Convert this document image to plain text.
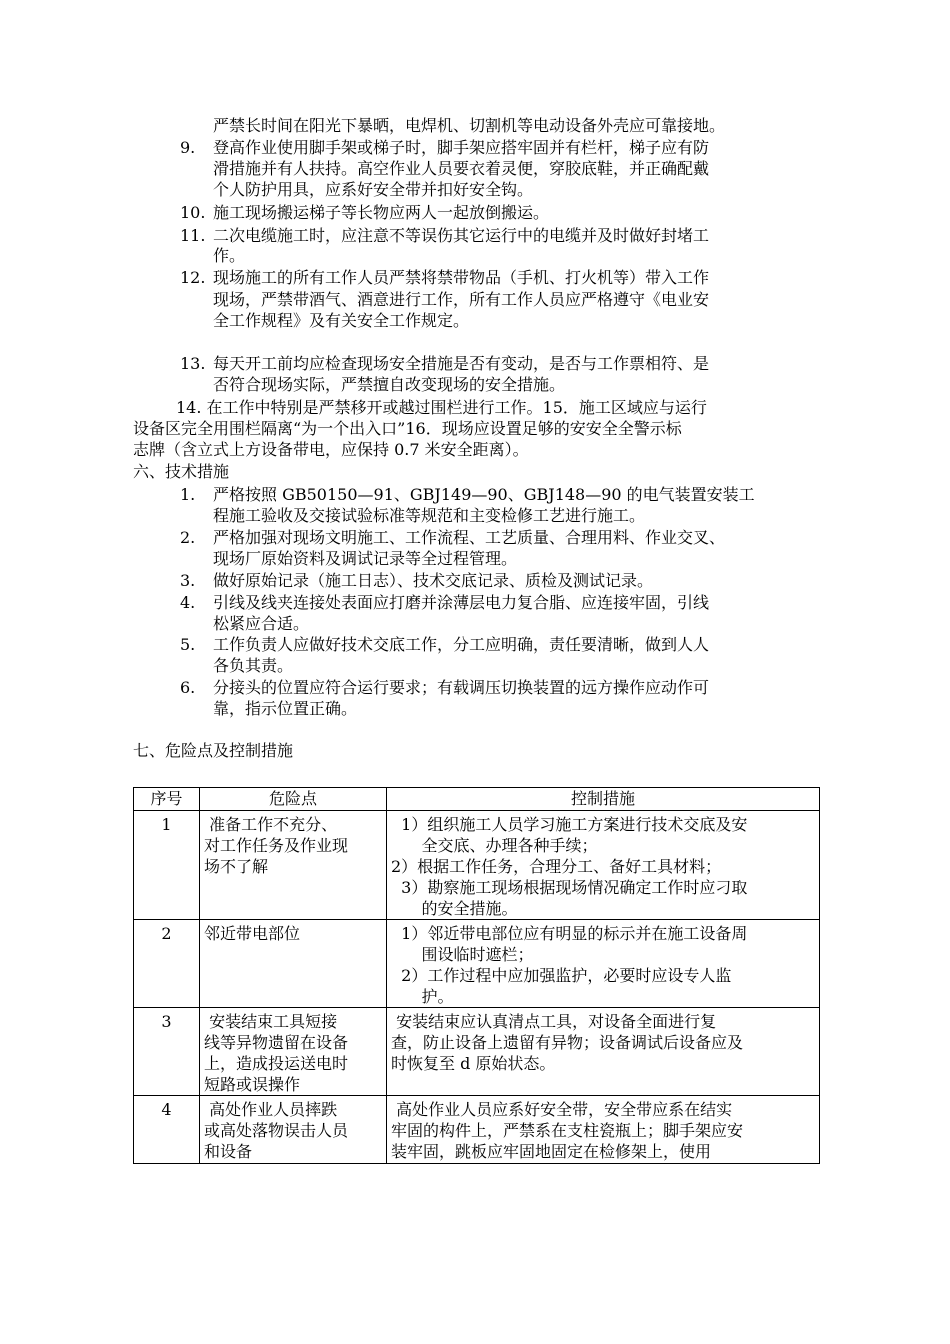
严禁长时间在阳光下暴晒，电焊机、切割机等电动设备外壳应可靠接地。
9. 登高作业使用脚手架或梯子时，脚手架应搭牢固并有栏杆，梯子应有防
滑措施并有人扶持。高空作业人员要衣着灵便，穿胶底鞋，并正确配戴
个人防护用具，应系好安全带并扣好安全钩。
10. 施工现场搬运梯子等长物应两人一起放倒搬运。
11. 二次电缆施工时，应注意不等误伤其它运行中的电缆并及时做好封堵工
作。
12. 现场施工的所有工作人员严禁将禁带物品（手机、打火机等）带入工作
现场，严禁带酒气、酒意进行工作，所有工作人员应严格遵守《电业安
全工作规程》及有关安全工作规定。
13. 每天开工前均应检查现场安全措施是否有变动，是否与工作票相符、是
否符合现场实际，严禁擅自改变现场的安全措施。
14. 在工作中特别是严禁移开或越过围栏进行工作。15．施工区域应与运行
设备区完全用围栏隔离“为一个出入口”16．现场应设置足够的安安全全警示标
志牌（含立式上方设备带电，应保持 0.7 米安全距离）。
六、技术措施
1. 严格按照 GB50150—91、GBJ149—90、GBJ148—90 的电气装置安装工
程施工验收及交接试验标准等规范和主变检修工艺进行施工。
2. 严格加强对现场文明施工、工作流程、工艺质量、合理用料、作业交叉、
现场厂原始资料及调试记录等全过程管理。
3. 做好原始记录（施工日志）、技术交底记录、质检及测试记录。
4. 引线及线夹连接处表面应打磨并涂薄层电力复合脂、应连接牢固，引线
松紧应合适。
5. 工作负责人应做好技术交底工作，分工应明确，责任要清晰，做到人人
各负其责。
6. 分接头的位置应符合运行要求；有载调压切换装置的远方操作应动作可
靠，指示位置正确。
七、危险点及控制措施
序号	危险点	控制措施
1	准备工作不充分、
对工作任务及作业现
场不了解	1）组织施工人员学习施工方案进行技术交底及安
全交底、办理各种手续；
2）根据工作任务，合理分工、备好工具材料；
3）勘察施工现场根据现场情况确定工作时应刁取
的安全措施。

2	邻近带电部位	1）邻近带电部位应有明显的标示并在施工设备周
围设临时遮栏；
2）工作过程中应加强监护，必要时应设专人监
护。

3	安装结束工具短接
线等异物遗留在设备
上，造成投运送电时
短路或误操作	安装结束应认真清点工具，对设备全面进行复
查，防止设备上遗留有异物；设备调试后设备应及
时恢复至 d 原始状态。

4	高处作业人员摔跌
或高处落物误击人员
和设备	高处作业人员应系好安全带，安全带应系在结实
牢固的构件上，严禁系在支柱瓷瓶上；脚手架应安
装牢固，跳板应牢固地固定在检修架上，使用
